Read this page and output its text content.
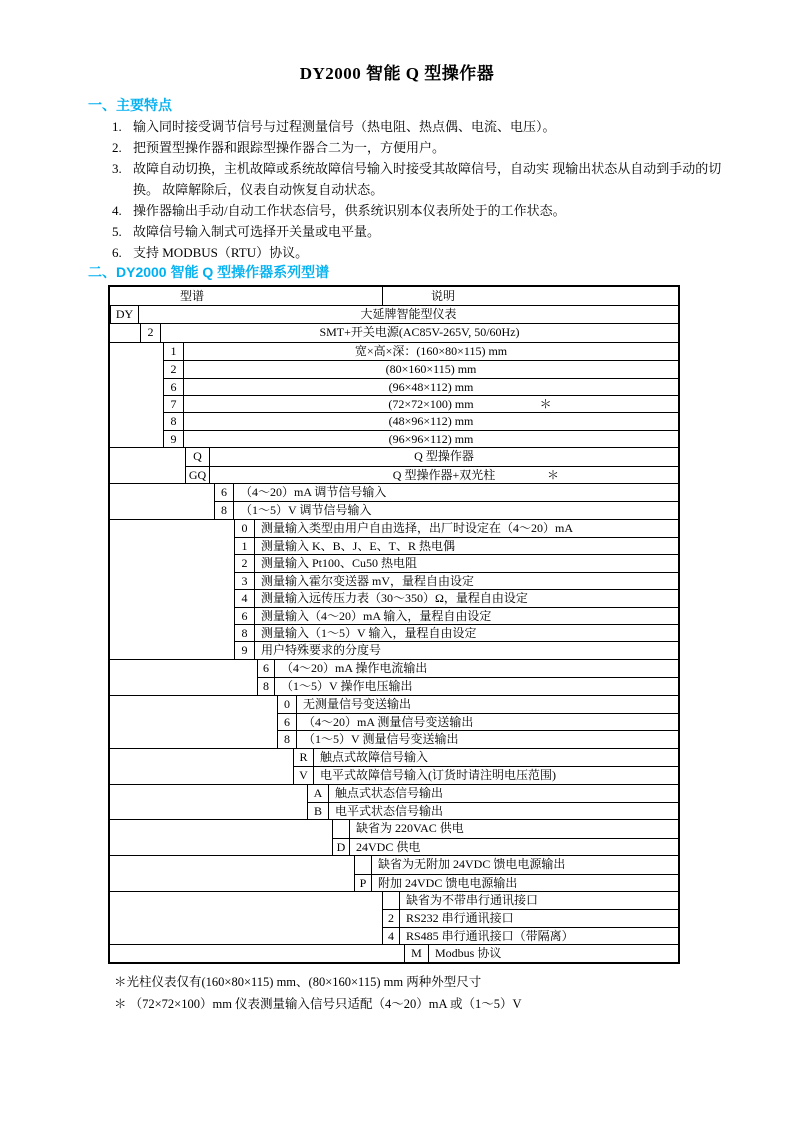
DY2000 智能 Q 型操作器
一、主要特点
1. 输入同时接受调节信号与过程测量信号（热电阻、热点偶、电流、电压）。
2. 把预置型操作器和跟踪型操作器合二为一，方便用户。
3. 故障自动切换，主机故障或系统故障信号输入时接受其故障信号，自动实 现输出状态从自动到手动的切换。 故障解除后，仪表自动恢复自动状态。
4. 操作器输出手动/自动工作状态信号，供系统识别本仪表所处于的工作状态。
5. 故障信号输入制式可选择开关量或电平量。
6. 支持 MODBUS（RTU）协议。
二、DY2000 智能 Q 型操作器系列型谱
型谱	说明
DY	大延牌智能型仪表
2	SMT+开关电源(AC85V-265V, 50/60Hz)
1	宽×高×深：(160×80×115) mm
2	(80×160×115) mm
6	(96×48×112) mm
7	(72×72×100) mm	＊
8	(48×96×112) mm
9	(96×96×112) mm
Q	Q 型操作器
GQ	Q 型操作器+双光柱	＊
6	（4～20）mA 调节信号输入
8	（1～5）V 调节信号输入
0	测量输入类型由用户自由选择，出厂时设定在（4～20）mA
1	测量输入 K、B、J、E、T、R 热电偶
2	测量输入 Pt100、Cu50 热电阻
3	测量输入霍尔变送器 mV，量程自由设定
4	测量输入远传压力表（30～350）Ω，量程自由设定
6	测量输入（4～20）mA 输入，量程自由设定
8	测量输入（1～5）V 输入，量程自由设定
9	用户特殊要求的分度号
6	（4～20）mA 操作电流输出
8	（1～5）V 操作电压输出
0	无测量信号变送输出
6	（4～20）mA 测量信号变送输出
8	（1～5）V 测量信号变送输出
R	触点式故障信号输入
V	电平式故障信号输入(订货时请注明电压范围)
A	触点式状态信号输出
B	电平式状态信号输出
缺省为 220VAC 供电
D 24VDC 供电
缺省为无附加 24VDC 馈电电源输出
P 附加 24VDC 馈电电源输出
缺省为不带串行通讯接口
2	RS232 串行通讯接口
4	RS485 串行通讯接口（带隔离）
M	Modbus 协议
＊光柱仪表仅有(160×80×115) mm、(80×160×115) mm 两种外型尺寸
＊ （72×72×100）mm 仪表测量输入信号只适配（4～20）mA 或（1～5）V
